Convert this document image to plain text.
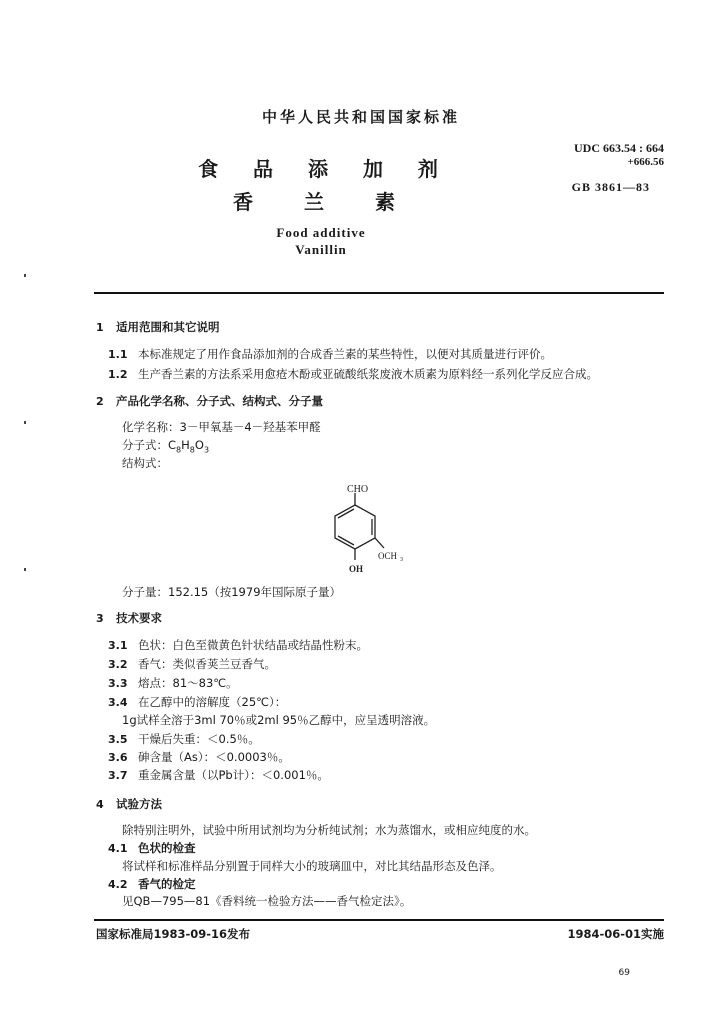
中华人民共和国国家标准
食 品 添 加 剂
香 兰 素
Food additive
Vanillin
UDC 663.54 : 664
+666.56
GB 3861—83
1 适用范围和其它说明
1.1 本标准规定了用作食品添加剂的合成香兰素的某些特性，以便对其质量进行评价。
1.2 生产香兰素的方法系采用愈疮木酚或亚硫酸纸浆废液木质素为原料经一系列化学反应合成。
2 产品化学名称、分子式、结构式、分子量
化学名称：3－甲氧基－4－羟基苯甲醛
分子式：$C_8H_8O_3$
结构式：
CHO
OCH 3
OH
分子量：152.15（按1979年国际原子量）
3 技术要求
3.1 色状：白色至微黄色针状结晶或结晶性粉末。
3.2 香气：类似香荚兰豆香气。
3.3 熔点：81～83℃。
3.4 在乙醇中的溶解度（25℃）：
1g试样全溶于3ml 70％或2ml 95％乙醇中，应呈透明溶液。
3.5 干燥后失重：＜0.5％。
3.6 砷含量（As）：＜0.0003％。
3.7 重金属含量（以Pb计）：＜0.001％。
4 试验方法
除特别注明外，试验中所用试剂均为分析纯试剂；水为蒸馏水，或相应纯度的水。
4.1 色状的检查
将试样和标准样品分别置于同样大小的玻璃皿中，对比其结晶形态及色泽。
4.2 香气的检定
见QB—795—81《香料统一检验方法——香气检定法》。
国家标准局1983-09-16发布	1984-06-01实施
69
